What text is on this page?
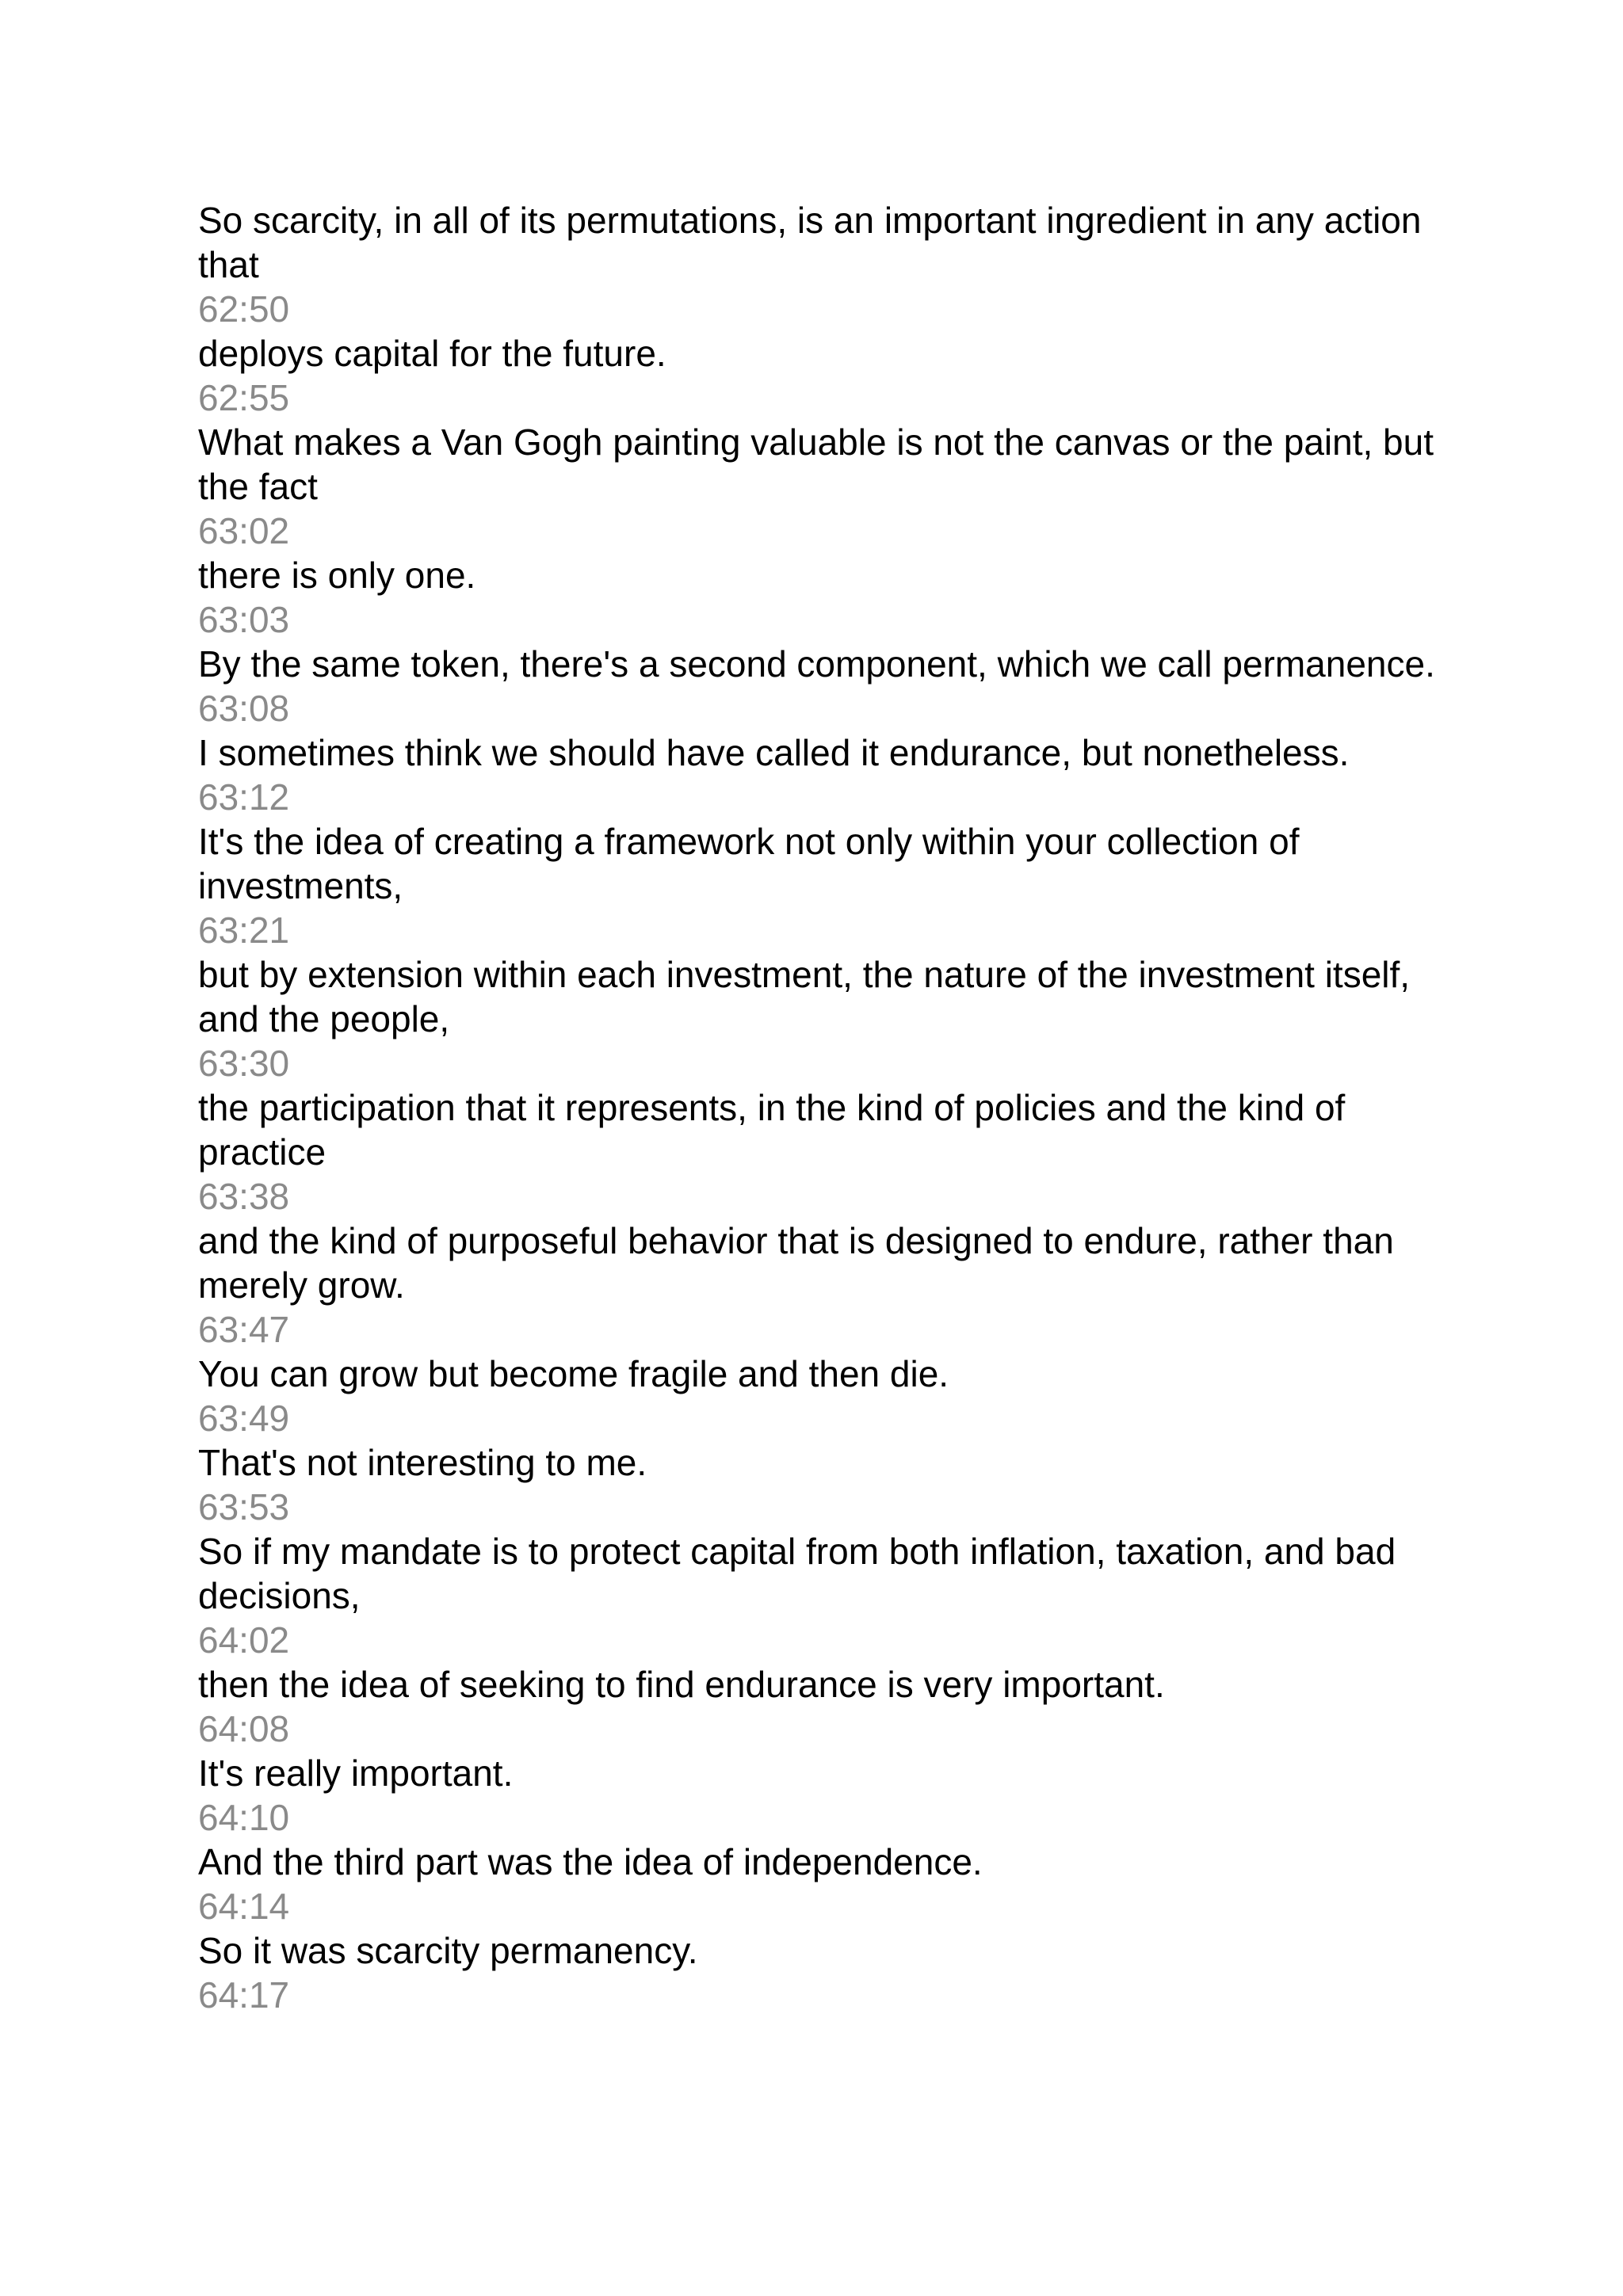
So scarcity, in all of its permutations, is an important ingredient in any action that

62:50

deploys capital for the future.

62:55

What makes a Van Gogh painting valuable is not the canvas or the paint, but the fact

63:02

there is only one.

63:03

By the same token, there's a second component, which we call permanence.

63:08

I sometimes think we should have called it endurance, but nonetheless.

63:12

It's the idea of creating a framework not only within your collection of investments,

63:21

but by extension within each investment, the nature of the investment itself, and the people,

63:30

the participation that it represents, in the kind of policies and the kind of practice

63:38

and the kind of purposeful behavior that is designed to endure, rather than merely grow.

63:47

You can grow but become fragile and then die.

63:49

That's not interesting to me.

63:53

So if my mandate is to protect capital from both inflation, taxation, and bad decisions,

64:02

then the idea of seeking to find endurance is very important.

64:08

It's really important.

64:10

And the third part was the idea of independence.

64:14

So it was scarcity permanency.

64:17
